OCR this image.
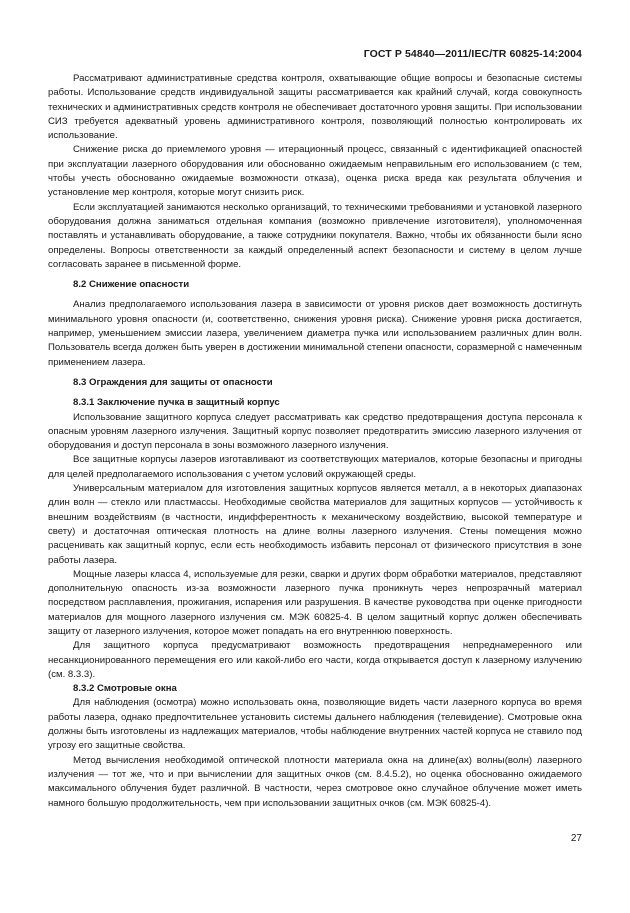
ГОСТ Р 54840—2011/IEC/TR 60825-14:2004

Рассматривают административные средства контроля, охватывающие общие вопросы и безопасные системы работы. Использование средств индивидуальной защиты рассматривается как крайний случай, когда совокупность технических и административных средств контроля не обеспечивает достаточного уровня защиты. При использовании СИЗ требуется адекватный уровень административного контроля, позволяющий полностью контролировать их использование.

Снижение риска до приемлемого уровня — итерационный процесс, связанный с идентификацией опасностей при эксплуатации лазерного оборудования или обоснованно ожидаемым неправильным его использованием (с тем, чтобы учесть обоснованно ожидаемые возможности отказа), оценка риска вреда как результата облучения и установление мер контроля, которые могут снизить риск.

Если эксплуатацией занимаются несколько организаций, то техническими требованиями и установкой лазерного оборудования должна заниматься отдельная компания (возможно привлечение изготовителя), уполномоченная поставлять и устанавливать оборудование, а также сотрудники покупателя. Важно, чтобы их обязанности были ясно определены. Вопросы ответственности за каждый определенный аспект безопасности и систему в целом лучше согласовать заранее в письменной форме.

8.2 Снижение опасности

Анализ предполагаемого использования лазера в зависимости от уровня рисков дает возможность достигнуть минимального уровня опасности (и, соответственно, снижения уровня риска). Снижение уровня риска достигается, например, уменьшением эмиссии лазера, увеличением диаметра пучка или использованием различных длин волн. Пользователь всегда должен быть уверен в достижении минимальной степени опасности, соразмерной с намеченным применением лазера.

8.3 Ограждения для защиты от опасности
8.3.1 Заключение пучка в защитный корпус

Использование защитного корпуса следует рассматривать как средство предотвращения доступа персонала к опасным уровням лазерного излучения. Защитный корпус позволяет предотвратить эмиссию лазерного излучения от оборудования и доступ персонала в зоны возможного лазерного излучения.

Все защитные корпусы лазеров изготавливают из соответствующих материалов, которые безопасны и пригодны для целей предполагаемого использования с учетом условий окружающей среды.

Универсальным материалом для изготовления защитных корпусов является металл, а в некоторых диапазонах длин волн — стекло или пластмассы. Необходимые свойства материалов для защитных корпусов — устойчивость к внешним воздействиям (в частности, индифферентность к механическому воздействию, высокой температуре и свету) и достаточная оптическая плотность на длине волны лазерного излучения. Стены помещения можно расценивать как защитный корпус, если есть необходимость избавить персонал от физического присутствия в зоне работы лазера.

Мощные лазеры класса 4, используемые для резки, сварки и других форм обработки материалов, представляют дополнительную опасность из-за возможности лазерного пучка проникнуть через непрозрачный материал посредством расплавления, прожигания, испарения или разрушения. В качестве руководства при оценке пригодности материалов для мощного лазерного излучения см. МЭК 60825-4. В целом защитный корпус должен обеспечивать защиту от лазерного излучения, которое может попадать на его внутреннюю поверхность.

Для защитного корпуса предусматривают возможность предотвращения непреднамеренного или несанкционированного перемещения его или какой-либо его части, когда открывается доступ к лазерному излучению (см. 8.3.3).

8.3.2 Смотровые окна

Для наблюдения (осмотра) можно использовать окна, позволяющие видеть части лазерного корпуса во время работы лазера, однако предпочтительнее установить системы дальнего наблюдения (телевидение). Смотровые окна должны быть изготовлены из надлежащих материалов, чтобы наблюдение внутренних частей корпуса не ставило под угрозу его защитные свойства.

Метод вычисления необходимой оптической плотности материала окна на длине(ах) волны(волн) лазерного излучения — тот же, что и при вычислении для защитных очков (см. 8.4.5.2), но оценка обоснованно ожидаемого максимального облучения будет различной. В частности, через смотровое окно случайное облучение может иметь намного большую продолжительность, чем при использовании защитных очков (см. МЭК 60825-4).

27
